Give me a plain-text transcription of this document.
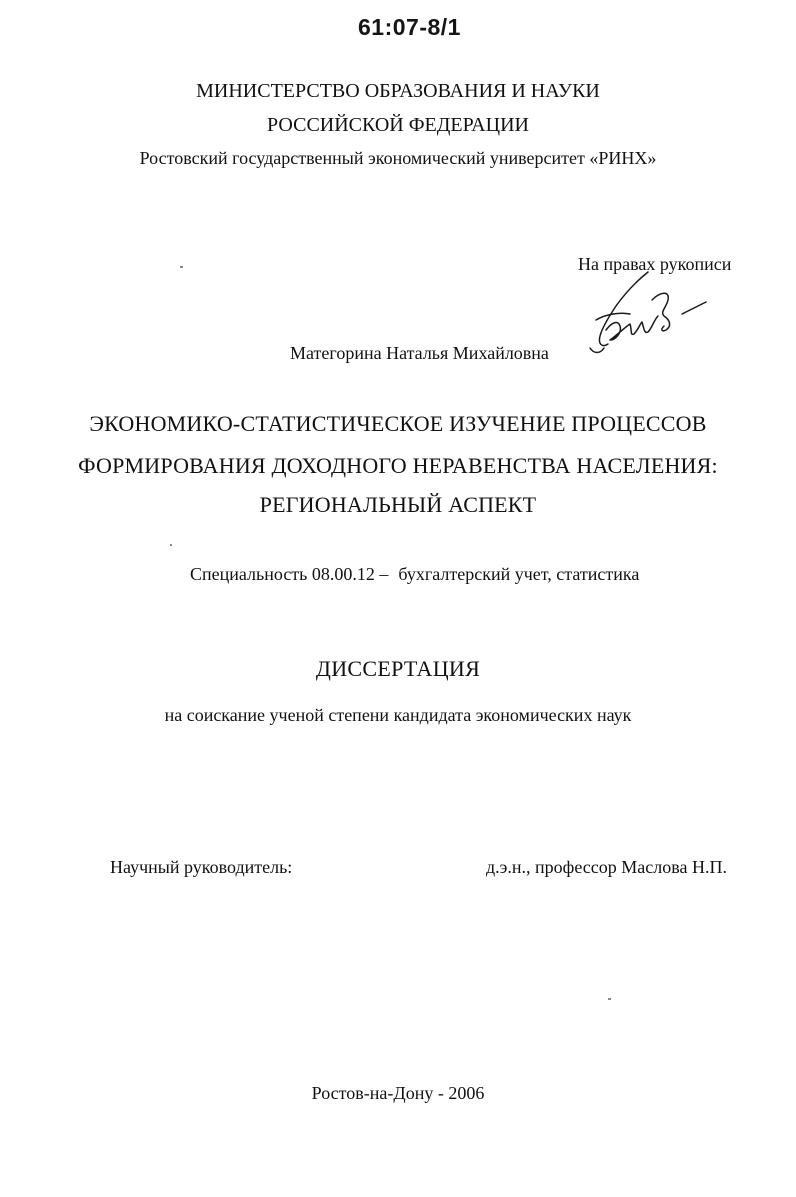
61:07-8/1
МИНИСТЕРСТВО ОБРАЗОВАНИЯ И НАУКИ
РОССИЙСКОЙ ФЕДЕРАЦИИ
Ростовский государственный экономический университет «РИНХ»
На правах рукописи
Матегорина Наталья Михайловна
ЭКОНОМИКО-СТАТИСТИЧЕСКОЕ ИЗУЧЕНИЕ ПРОЦЕССОВ
ФОРМИРОВАНИЯ ДОХОДНОГО НЕРАВЕНСТВА НАСЕЛЕНИЯ:
РЕГИОНАЛЬНЫЙ АСПЕКТ
Специальность 08.00.12 – бухгалтерский учет, статистика
ДИССЕРТАЦИЯ
на соискание ученой степени кандидата экономических наук
Научный руководитель:	д.э.н., профессор Маслова Н.П.
Ростов-на-Дону - 2006
